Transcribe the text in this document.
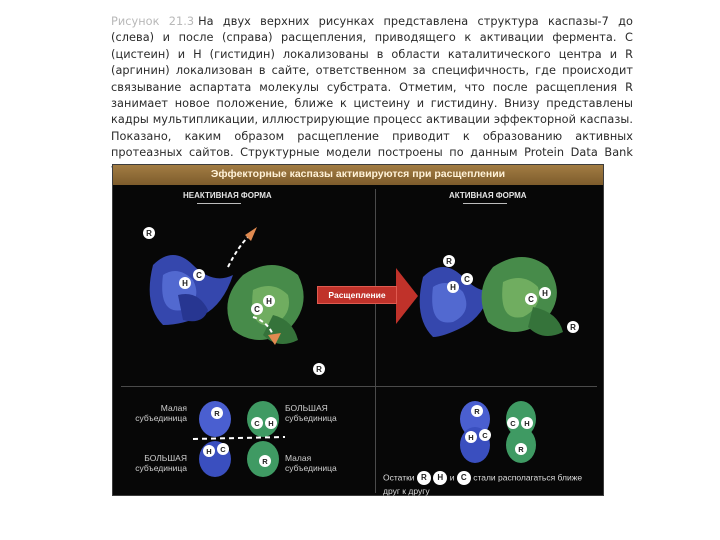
Рисунок 21.3 На двух верхних рисунках представлена структура каспазы-7 до (слева) и после (справа) расщепления, приводящего к активации фермента. C (цистеин) и H (гистидин) локализованы в области каталитического центра и R (аргинин) локализован в сайте, ответственном за специфичность, где происходит связывание аспартата молекулы субстрата. Отметим, что после расщепления R занимает новое положение, ближе к цистеину и гистидину. Внизу представлены кадры мультипликации, иллюстрирующие процесс активации эффекторной каспазы. Показано, каким образом расщепление приводит к образованию активных протеазных сайтов. Структурные модели построены по данным Protein Data Bank
Эффекторные каспазы активируются при расщеплении
НЕАКТИВНАЯ ФОРМА	АКТИВНАЯ ФОРМА
R
H
C
C
H
R
Расщепление
R
H
C
C
H
R
Малая субъединица
БОЛЬШАЯ субъединица
БОЛЬШАЯ субъединица
Малая субъединица
R
H C
C H
R
R
H C
C H
R
Остатки R H и C стали располагаться ближе друг к другу
